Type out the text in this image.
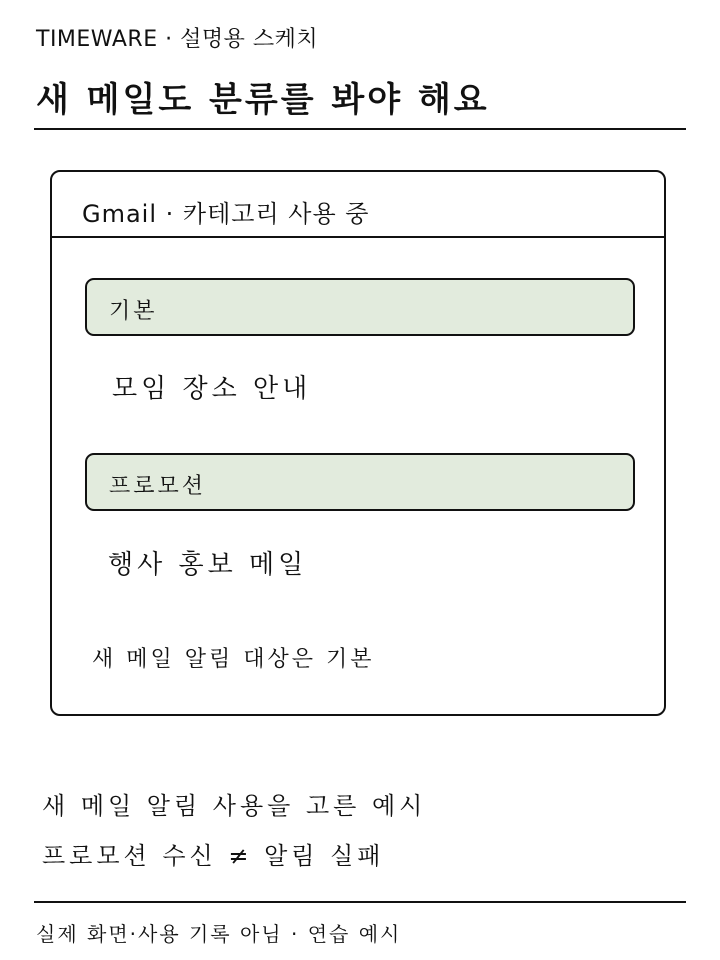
TIMEWARE · 설명용 스케치
새 메일도 분류를 봐야 해요
Gmail · 카테고리 사용 중
기본
모임 장소 안내
프로모션
행사 홍보 메일
새 메일 알림 대상은 기본
새 메일 알림 사용을 고른 예시
프로모션 수신 ≠ 알림 실패
실제 화면·사용 기록 아님 · 연습 예시
